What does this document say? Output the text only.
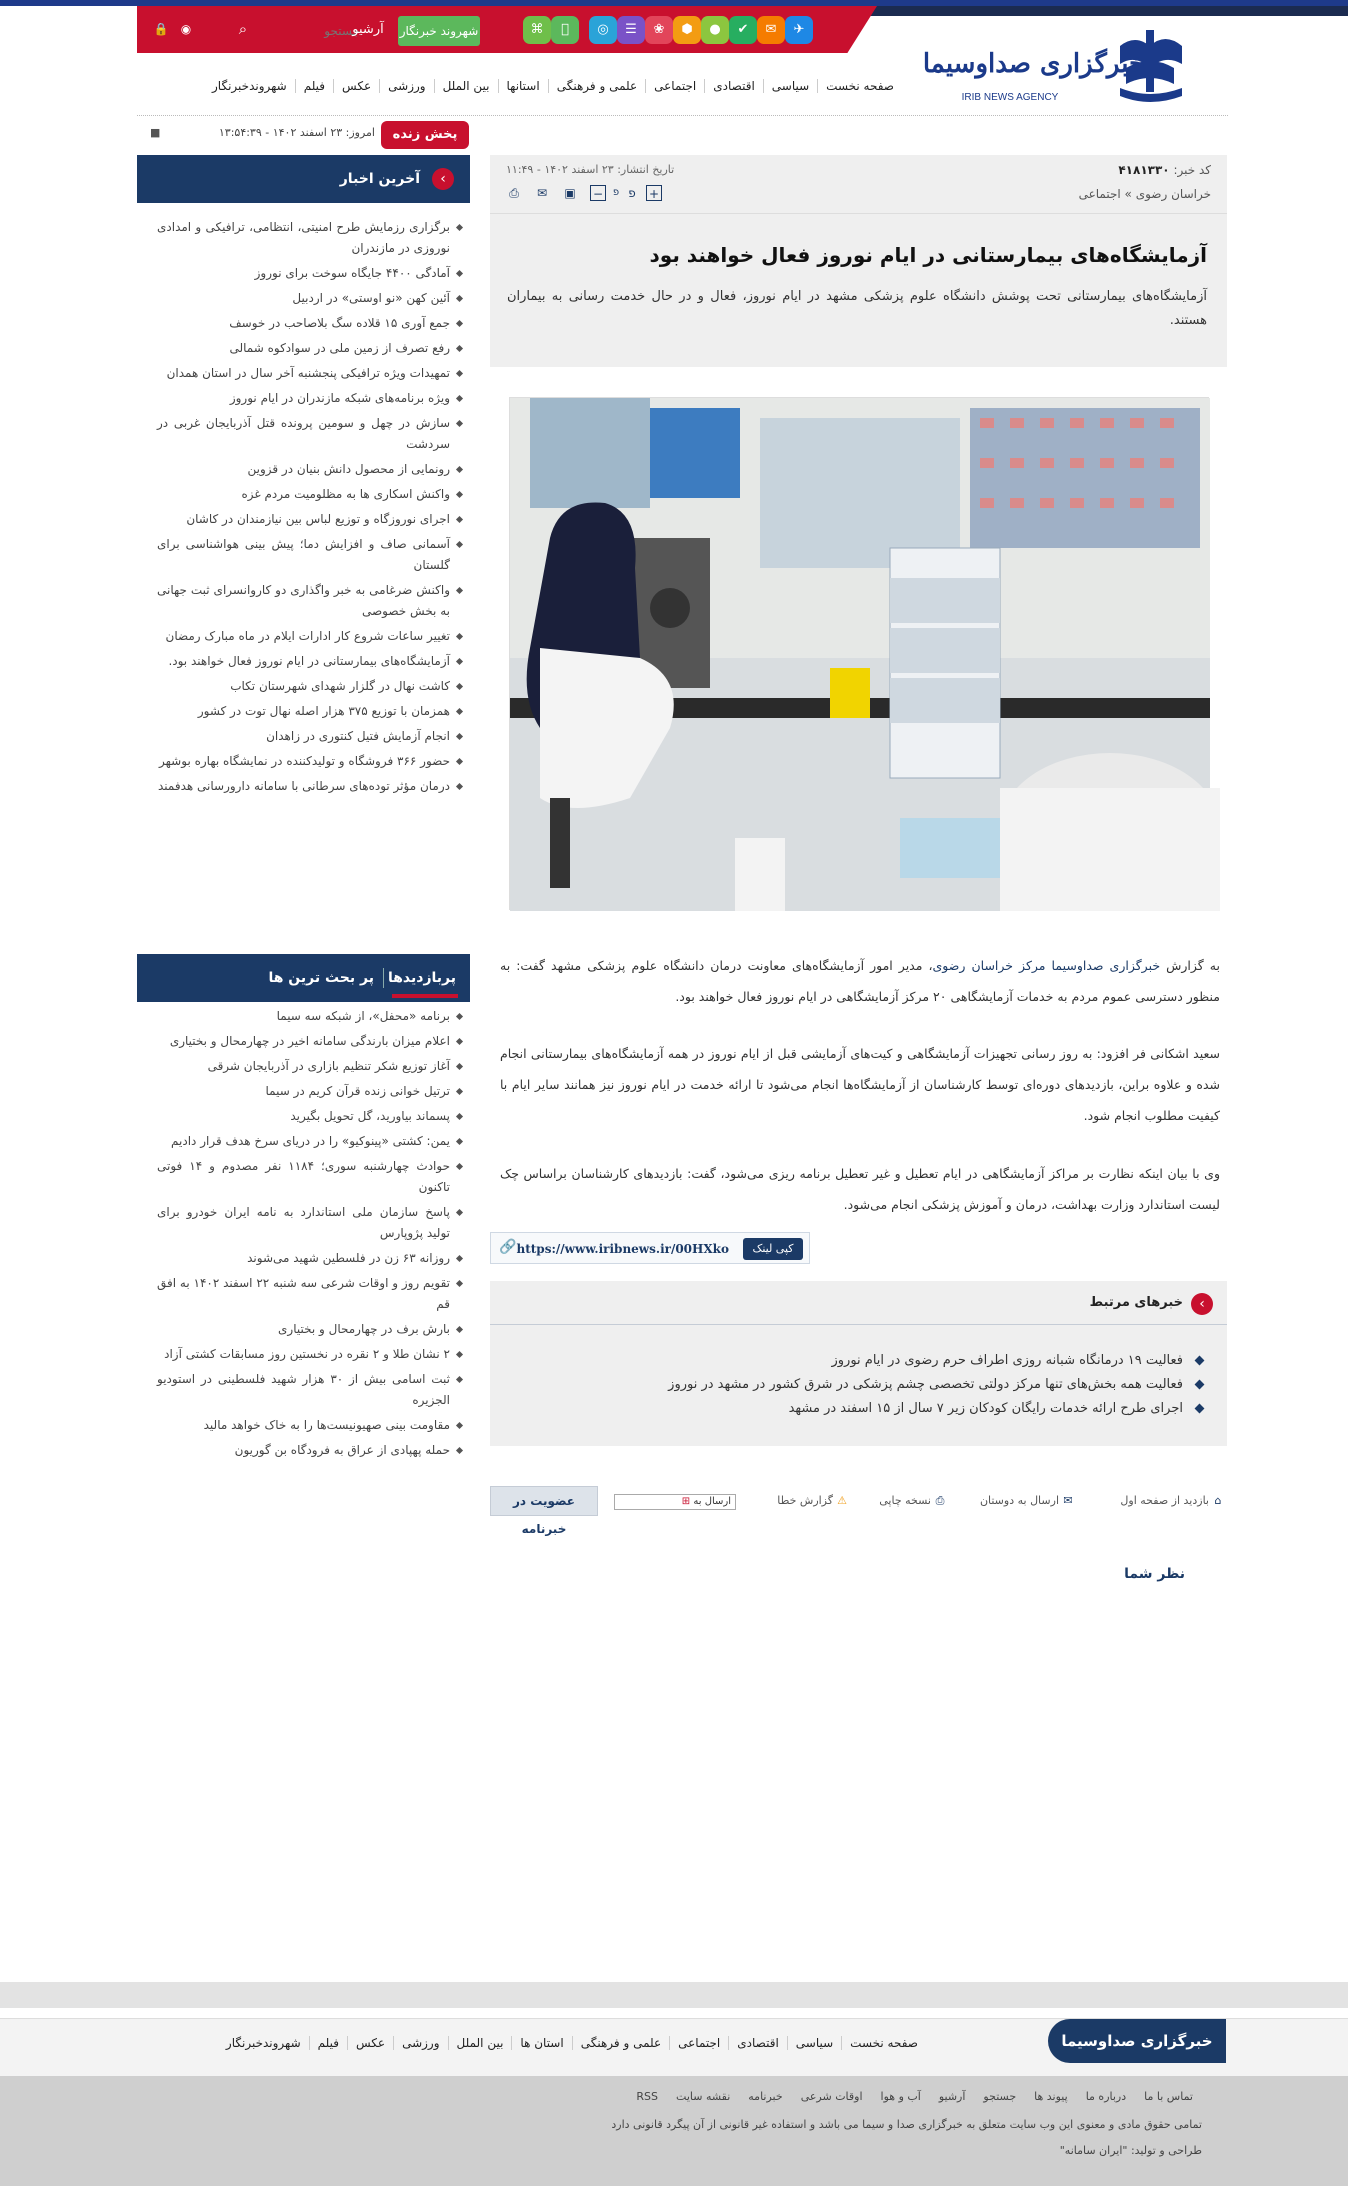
🔒	◉	⌕
جستجو	آرشیو	شهروند خبرنگار	⌘	◎	☰	❀	⬢	●	✔	✉	✈
خبرگزاری صداوسیما
IRIB NEWS AGENCY
صفحه نخست
سیاسی
اقتصادی
اجتماعی
علمی و فرهنگی
استانها
بین الملل
ورزشی
عکس
فیلم
شهروندخبرنگار
پخش زنده
امروز: ۲۳ اسفند ۱۴۰۲ - ۱۳:۵۴:۳۹
■
‹
آخرین اخبار
برگزاری رزمایش طرح امنیتی، انتظامی، ترافیکی و امدادی نوروزی در مازندران
آمادگی ۴۴۰۰ جایگاه سوخت برای نوروز
آئین کهن «نو اوستی» در اردبیل
جمع آوری ۱۵ قلاده سگ بلاصاحب در خوسف
رفع تصرف از زمین ملی در سوادکوه شمالی
تمهیدات ویژه ترافیکی پنجشنبه آخر سال در استان همدان
ویژه برنامه‌های شبکه مازندران در ایام نوروز
سازش در چهل و سومین پرونده قتل آذربایجان غربی در سردشت
رونمایی از محصول دانش بنیان در قزوین
واکنش اسکاری ها به مظلومیت مردم غزه
اجرای نوروزگاه و توزیع لباس بین نیازمندان در کاشان
آسمانی صاف و افزایش دما؛ پیش بینی هواشناسی برای گلستان
واکنش ضرغامی به خبر واگذاری دو کاروانسرای ثبت جهانی به بخش خصوصی
تغییر ساعات شروع کار ادارات ایلام در ماه مبارک رمضان
آزمایشگاه‌های بیمارستانی در ایام نوروز فعال خواهند بود.
کاشت نهال در گلزار شهدای شهرستان تکاب
همزمان با توزیع ۳۷۵ هزار اصله نهال توت در کشور
انجام آزمایش فتیل کنتوری در زاهدان
حضور ۳۶۶ فروشگاه و تولیدکننده در نمایشگاه بهاره بوشهر
درمان مؤثر توده‌های سرطانی با سامانه دارورسانی هدفمند
پربازدیدها
پر بحث ترین ها
برنامه «محفل»، از شبکه سه سیما
اعلام میزان بارندگی سامانه اخیر در چهارمحال و بختیاری
آغاز توزیع شکر تنظیم بازاری در آذربایجان شرقی
ترتیل خوانی زنده قرآن کریم در سیما
پسماند بیاورید، گل تحویل بگیرید
یمن: کشتی «پینوکیو» را در دریای سرخ هدف قرار دادیم
حوادث چهارشنبه سوری؛ ۱۱۸۴ نفر مصدوم و ۱۴ فوتی تاکنون
پاسخ سازمان ملی استاندارد به نامه ایران خودرو برای تولید پژوپارس
روزانه ۶۳ زن در فلسطین شهید می‌شوند
تقویم روز و اوقات شرعی سه شنبه ۲۲ اسفند ۱۴۰۲ به افق قم
بارش برف در چهارمحال و بختیاری
۲ نشان طلا و ۲ نقره در نخستین روز مسابقات کشتی آزاد
ثبت اسامی بیش از ۳۰ هزار شهید فلسطینی در استودیو الجزیره
مقاومت بینی صهیونیست‌ها را به خاک خواهد مالید
حمله پهپادی از عراق به فرودگاه بن گوریون
کد خبر: ۴۱۸۱۳۳۰
تاریخ انتشار: ۲۳ اسفند ۱۴۰۲ - ۱۱:۴۹
خراسان رضوی » اجتماعی
⎙ ✉ ▣ − פ פ	+
آزمایشگاه‌های بیمارستانی در ایام نوروز فعال خواهند بود

آزمایشگاه‌های بیمارستانی تحت پوشش دانشگاه علوم پزشکی مشهد در ایام نوروز، فعال و در حال خدمت رسانی به بیماران هستند.

به گزارش خبرگزاری صداوسیما مرکز خراسان رضوی، مدیر امور آزمایشگاه‌های معاونت درمان دانشگاه علوم پزشکی مشهد گفت: به منظور دسترسی عموم مردم به خدمات آزمایشگاهی ۲۰ مرکز آزمایشگاهی در ایام نوروز فعال خواهند بود.

سعید اشکانی فر افزود: به روز رسانی تجهیزات آزمایشگاهی و کیت‌های آزمایشی قبل از ایام نوروز در همه آزمایشگاه‌های بیمارستانی انجام شده و علاوه براین، بازدیدهای دوره‌ای توسط کارشناسان از آزمایشگاه‌ها انجام می‌شود تا ارائه خدمت در ایام نوروز نیز همانند سایر ایام با کیفیت مطلوب انجام شود.

وی با بیان اینکه نظارت بر مراکز آزمایشگاهی در ایام تعطیل و غیر تعطیل برنامه ریزی می‌شود، گفت: بازدیدهای کارشناسان براساس چک لیست استاندارد وزارت بهداشت، درمان و آموزش پزشکی انجام می‌شود.

کپی لینک
https://www.iribnews.ir/00HXko
🔗
‹
خبرهای مرتبط
فعالیت ۱۹ درمانگاه شبانه روزی اطراف حرم رضوی در ایام نوروز
فعالیت همه بخش‌های تنها مرکز دولتی تخصصی چشم پزشکی در شرق کشور در مشهد در نوروز
اجرای طرح ارائه خدمات رایگان کودکان زیر ۷ سال از ۱۵ اسفند در مشهد
⌂بازدید از صفحه اول
✉ارسال به دوستان
⎙نسخه چاپی
⚠گزارش خطا
⊞ ارسال به
عضویت در خبرنامه
نظر شما
خبرگزاری صداوسیما
صفحه نخست
سیاسی
اقتصادی
اجتماعی
علمی و فرهنگی
استان ها
بین الملل
ورزشی
عکس
فیلم
شهروندخبرنگار
تماس با ما
درباره ما
پیوند ها
جستجو
آرشیو
آب و هوا
اوقات شرعی
خبرنامه
نقشه سایت
RSS
تمامی حقوق مادی و معنوی این وب سایت متعلق به خبرگزاری صدا و سیما می باشد و استفاده غیر قانونی از آن پیگرد قانونی دارد
طراحی و تولید: "ایران سامانه"
